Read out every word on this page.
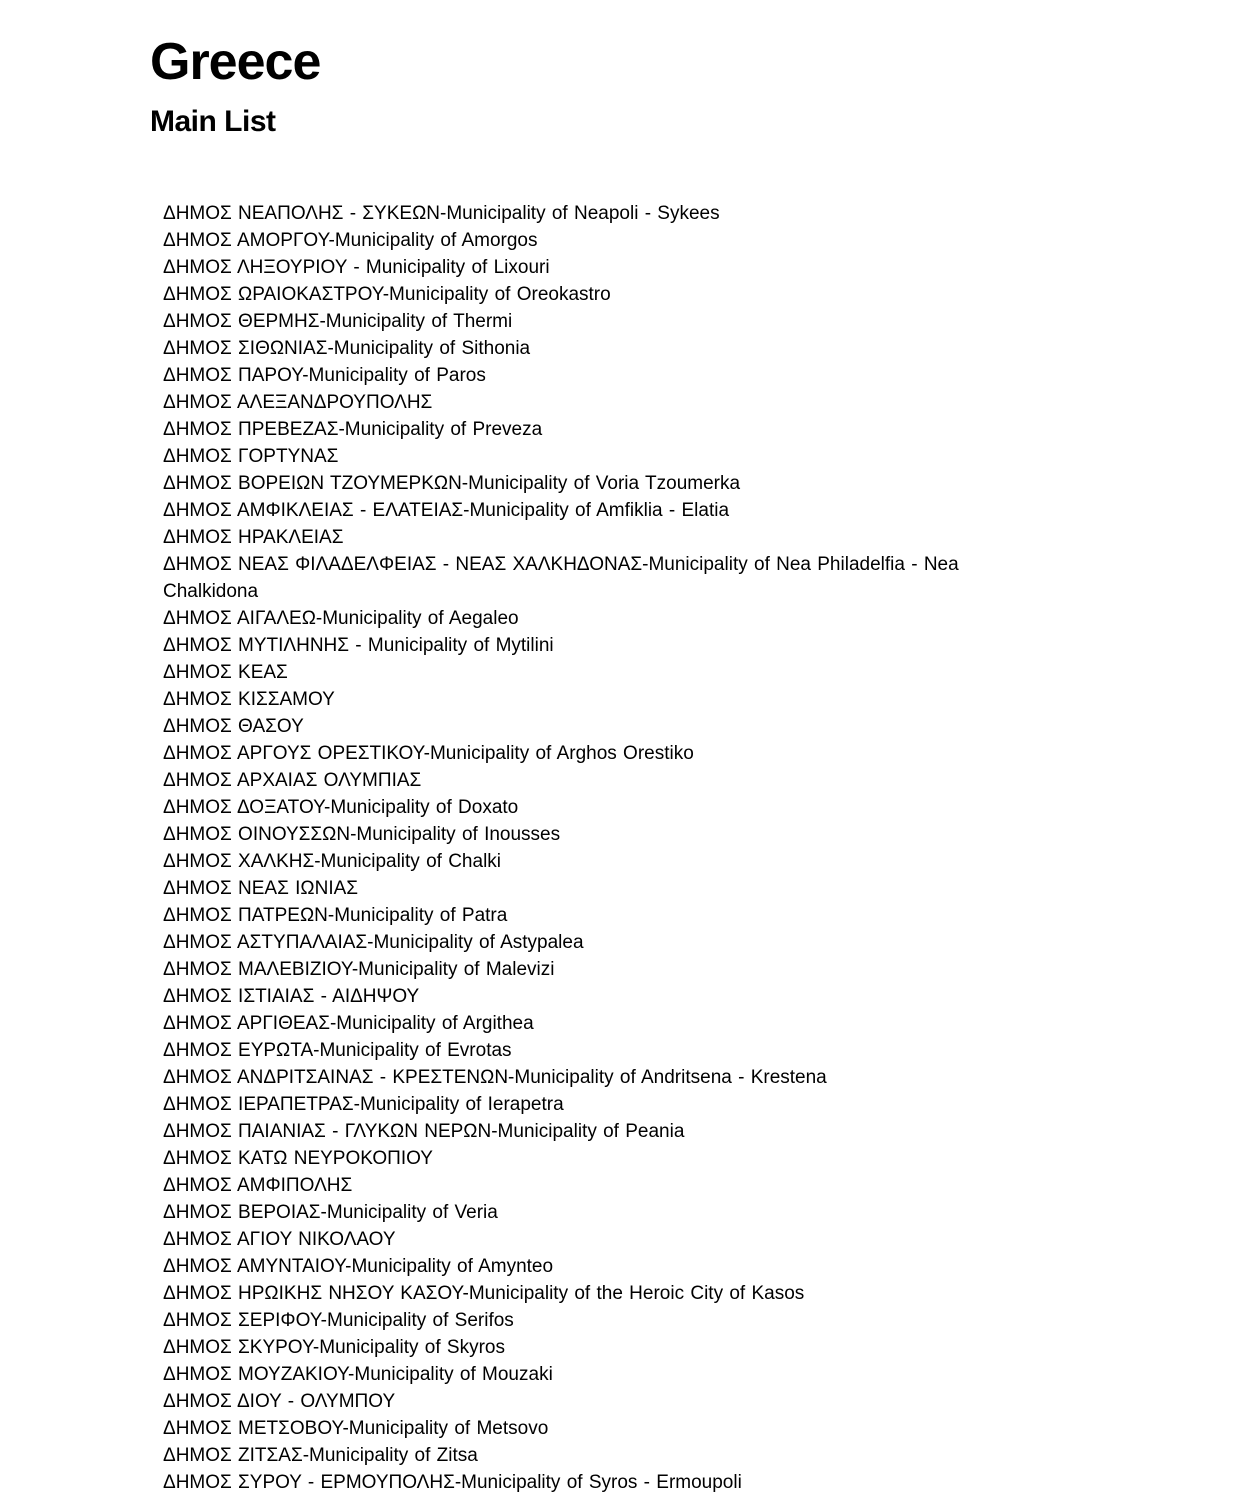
Greece
Main List
ΔΗΜΟΣ ΝΕΑΠΟΛΗΣ - ΣΥΚΕΩΝ-Municipality of Neapoli - Sykees
ΔΗΜΟΣ ΑΜΟΡΓΟΥ-Municipality of Amorgos
ΔΗΜΟΣ ΛΗΞΟΥΡΙΟΥ - Municipality of Lixouri
ΔΗΜΟΣ ΩΡΑΙΟΚΑΣΤΡΟΥ-Municipality of Oreokastro
ΔΗΜΟΣ ΘΕΡΜΗΣ-Municipality of Thermi
ΔΗΜΟΣ ΣΙΘΩΝΙΑΣ-Municipality of Sithonia
ΔΗΜΟΣ ΠΑΡΟΥ-Municipality of Paros
ΔΗΜΟΣ ΑΛΕΞΑΝΔΡΟΥΠΟΛΗΣ
ΔΗΜΟΣ ΠΡΕΒΕΖΑΣ-Municipality of Preveza
ΔΗΜΟΣ ΓΟΡΤΥΝΑΣ
ΔΗΜΟΣ ΒΟΡΕΙΩΝ ΤΖΟΥΜΕΡΚΩΝ-Municipality of Voria Tzoumerka
ΔΗΜΟΣ ΑΜΦΙΚΛΕΙΑΣ - ΕΛΑΤΕΙΑΣ-Municipality of Amfiklia - Elatia
ΔΗΜΟΣ ΗΡΑΚΛΕΙΑΣ
ΔΗΜΟΣ ΝΕΑΣ ΦΙΛΑΔΕΛΦΕΙΑΣ - ΝΕΑΣ ΧΑΛΚΗΔΟΝΑΣ-Municipality of Nea Philadelfia - Nea Chalkidona
ΔΗΜΟΣ ΑΙΓΑΛΕΩ-Municipality of Aegaleo
ΔΗΜΟΣ ΜΥΤΙΛΗΝΗΣ - Municipality of Mytilini
ΔΗΜΟΣ ΚΕΑΣ
ΔΗΜΟΣ ΚΙΣΣΑΜΟΥ
ΔΗΜΟΣ ΘΑΣΟΥ
ΔΗΜΟΣ ΑΡΓΟΥΣ ΟΡΕΣΤΙΚΟΥ-Municipality of Arghos Orestiko
ΔΗΜΟΣ ΑΡΧΑΙΑΣ ΟΛΥΜΠΙΑΣ
ΔΗΜΟΣ ΔΟΞΑΤΟΥ-Municipality of Doxato
ΔΗΜΟΣ ΟΙΝΟΥΣΣΩΝ-Municipality of Inousses
ΔΗΜΟΣ ΧΑΛΚΗΣ-Municipality of Chalki
ΔΗΜΟΣ ΝΕΑΣ ΙΩΝΙΑΣ
ΔΗΜΟΣ ΠΑΤΡΕΩΝ-Municipality of Patra
ΔΗΜΟΣ ΑΣΤΥΠΑΛΑΙΑΣ-Municipality of Astypalea
ΔΗΜΟΣ ΜΑΛΕΒΙΖΙΟΥ-Municipality of Malevizi
ΔΗΜΟΣ ΙΣΤΙΑΙΑΣ - ΑΙΔΗΨΟΥ
ΔΗΜΟΣ ΑΡΓΙΘΕΑΣ-Municipality of Argithea
ΔΗΜΟΣ ΕΥΡΩΤΑ-Municipality of Evrotas
ΔΗΜΟΣ ΑΝΔΡΙΤΣΑΙΝΑΣ - ΚΡΕΣΤΕΝΩΝ-Municipality of Andritsena - Krestena
ΔΗΜΟΣ ΙΕΡΑΠΕΤΡΑΣ-Municipality of Ierapetra
ΔΗΜΟΣ ΠΑΙΑΝΙΑΣ - ΓΛΥΚΩΝ ΝΕΡΩΝ-Municipality of Peania
ΔΗΜΟΣ ΚΑΤΩ ΝΕΥΡΟΚΟΠΙΟΥ
ΔΗΜΟΣ ΑΜΦΙΠΟΛΗΣ
ΔΗΜΟΣ ΒΕΡΟΙΑΣ-Municipality of Veria
ΔΗΜΟΣ ΑΓΙΟΥ ΝΙΚΟΛΑΟΥ
ΔΗΜΟΣ ΑΜΥΝΤΑΙΟΥ-Municipality of Amynteo
ΔΗΜΟΣ ΗΡΩΙΚΗΣ ΝΗΣΟΥ ΚΑΣΟΥ-Municipality of the Heroic City of Kasos
ΔΗΜΟΣ ΣΕΡΙΦΟΥ-Municipality of Serifos
ΔΗΜΟΣ ΣΚΥΡΟΥ-Municipality of Skyros
ΔΗΜΟΣ ΜΟΥΖΑΚΙΟΥ-Municipality of Mouzaki
ΔΗΜΟΣ ΔΙΟΥ - ΟΛΥΜΠΟΥ
ΔΗΜΟΣ ΜΕΤΣΟΒΟΥ-Municipality of Metsovo
ΔΗΜΟΣ ΖΙΤΣΑΣ-Municipality of Zitsa
ΔΗΜΟΣ ΣΥΡΟΥ - ΕΡΜΟΥΠΟΛΗΣ-Municipality of Syros - Ermoupoli
